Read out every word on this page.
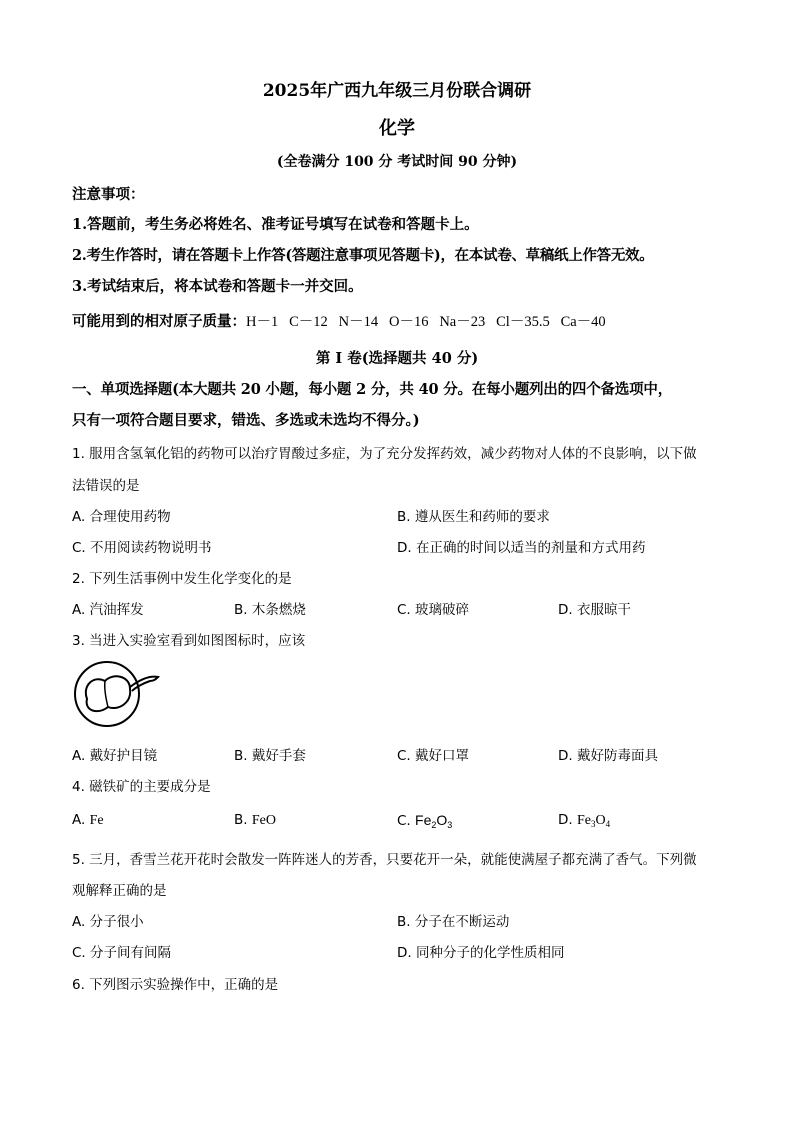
2025年广西九年级三月份联合调研
化学
(全卷满分 100 分 考试时间 90 分钟)
注意事项：
1.答题前，考生务必将姓名、准考证号填写在试卷和答题卡上。
2.考生作答时，请在答题卡上作答(答题注意事项见答题卡)，在本试卷、草稿纸上作答无效。
3.考试结束后，将本试卷和答题卡一并交回。
可能用到的相对原子质量：H－1   C－12   N－14   O－16   Na－23   Cl－35.5   Ca－40
第 I 卷(选择题共 40 分)
一、单项选择题(本大题共 20 小题，每小题 2 分，共 40 分。在每小题列出的四个备选项中，
只有一项符合题目要求，错选、多选或未选均不得分。)
1. 服用含氢氧化铝的药物可以治疗胃酸过多症，为了充分发挥药效，减少药物对人体的不良影响，以下做
法错误的是
A. 合理使用药物	B. 遵从医生和药师的要求
C. 不用阅读药物说明书	D. 在正确的时间以适当的剂量和方式用药
2. 下列生活事例中发生化学变化的是
A. 汽油挥发	B. 木条燃烧	C. 玻璃破碎	D. 衣服晾干
3. 当进入实验室看到如图图标时，应该
A. 戴好护目镜	B. 戴好手套	C. 戴好口罩	D. 戴好防毒面具
4. 磁铁矿的主要成分是
A. Fe	B. FeO	C. $Fe_2O_3$	D. $Fe_3O_4$
5. 三月，香雪兰花开花时会散发一阵阵迷人的芳香，只要花开一朵，就能使满屋子都充满了香气。下列微
观解释正确的是
A. 分子很小	B. 分子在不断运动
C. 分子间有间隔	D. 同种分子的化学性质相同
6. 下列图示实验操作中，正确的是
